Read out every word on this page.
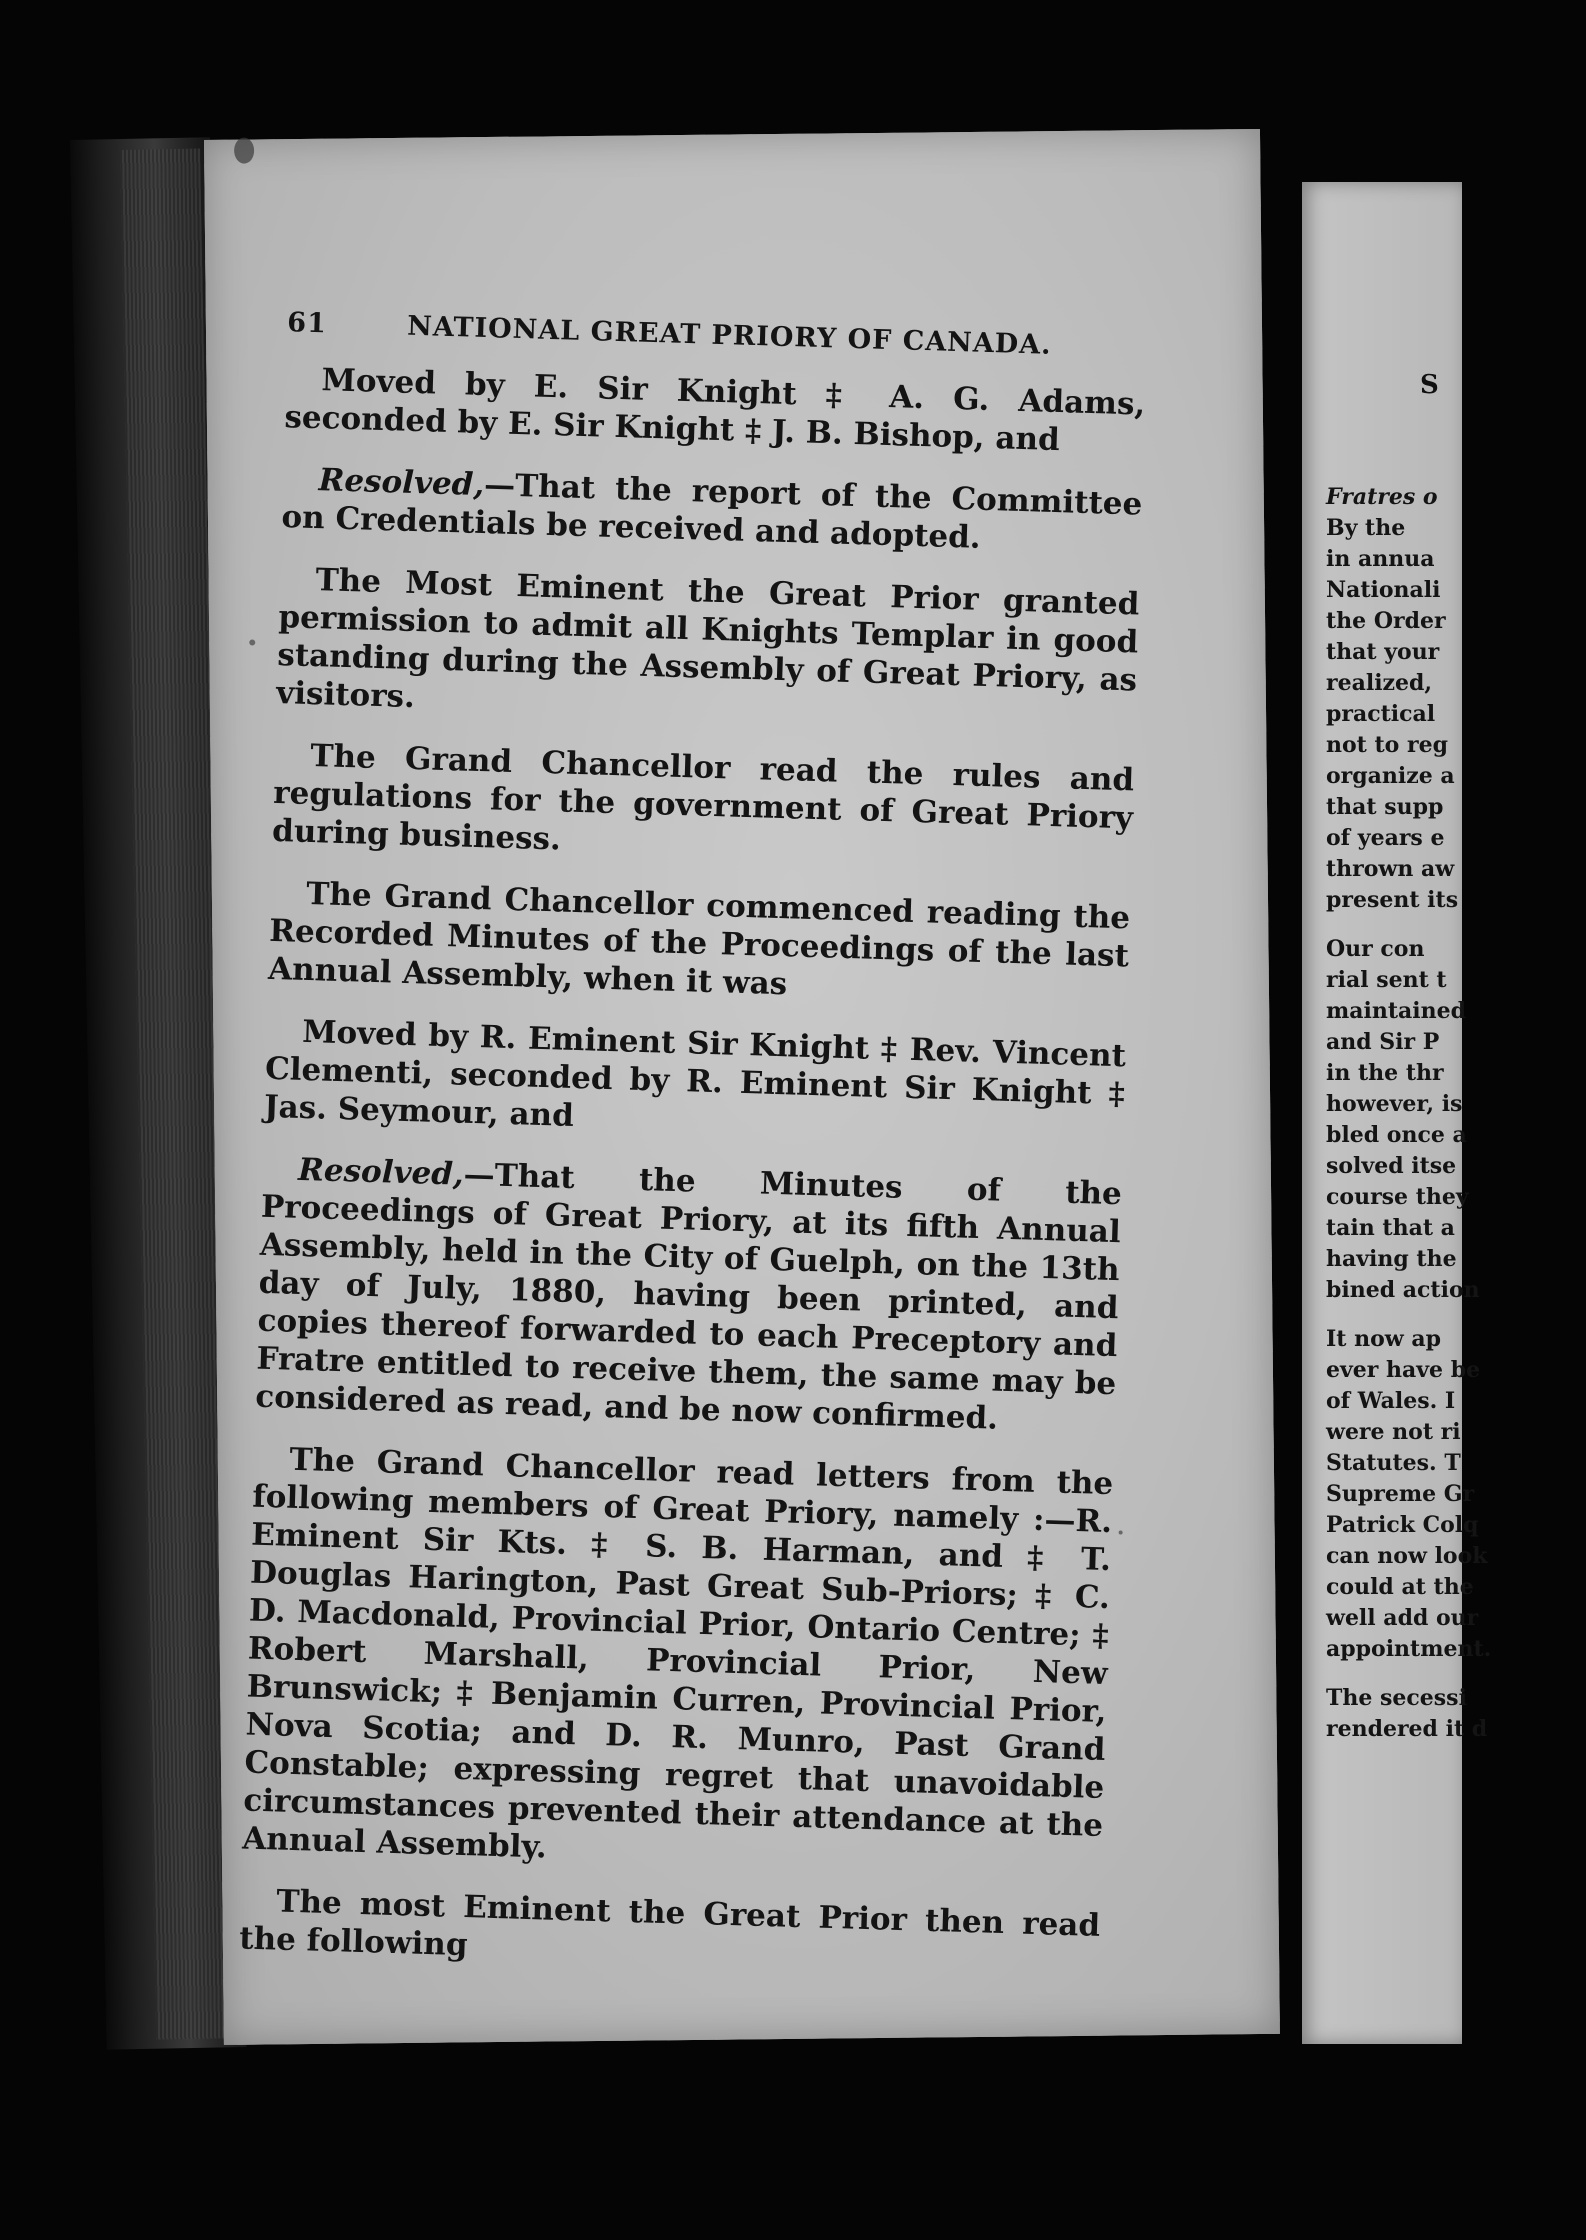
61	NATIONAL GREAT PRIORY OF CANADA.

Moved by E. Sir Knight ‡ A. G. Adams, seconded by E. Sir Knight ‡ J. B. Bishop, and

Resolved,—That the report of the Committee on Credentials be received and adopted.

The Most Eminent the Great Prior granted permission to admit all Knights Templar in good standing during the Assembly of Great Priory, as visitors.

The Grand Chancellor read the rules and regulations for the government of Great Priory during business.

The Grand Chancellor commenced reading the Recorded Minutes of the Proceedings of the last Annual Assembly, when it was

Moved by R. Eminent Sir Knight ‡ Rev. Vincent Clementi, seconded by R. Eminent Sir Knight ‡ Jas. Seymour, and

Resolved,—That the Minutes of the Proceedings of Great Priory, at its fifth Annual Assembly, held in the City of Guelph, on the 13th day of July, 1880, having been printed, and copies thereof forwarded to each Preceptory and Fratre entitled to receive them, the same may be considered as read, and be now confirmed.

The Grand Chancellor read letters from the following members of Great Priory, namely :—R. Eminent Sir Kts. ‡ S. B. Harman, and ‡ T. Douglas Harington, Past Great Sub-Priors; ‡ C. D. Macdonald, Provincial Prior, Ontario Centre; ‡ Robert Marshall, Provincial Prior, New Brunswick; ‡ Benjamin Curren, Provincial Prior, Nova Scotia; and D. R. Munro, Past Grand Constable; expressing regret that unavoidable circumstances prevented their attendance at the Annual Assembly.

The most Eminent the Great Prior then read the following

S
Fratres o
By the
in annua
Nationali
the Order
that your
realized,
practical
not to reg
organize a
that supp
of years e
thrown aw
present its
Our con
rial sent t
maintained
and Sir P
in the thr
however, is
bled once a
solved itse
course they
tain that a
having the
bined action
It now ap
ever have be
of Wales. I
were not ri
Statutes. T
Supreme Gr
Patrick Colq
can now look
could at the
well add our
appointment.
The secessi
rendered it d
